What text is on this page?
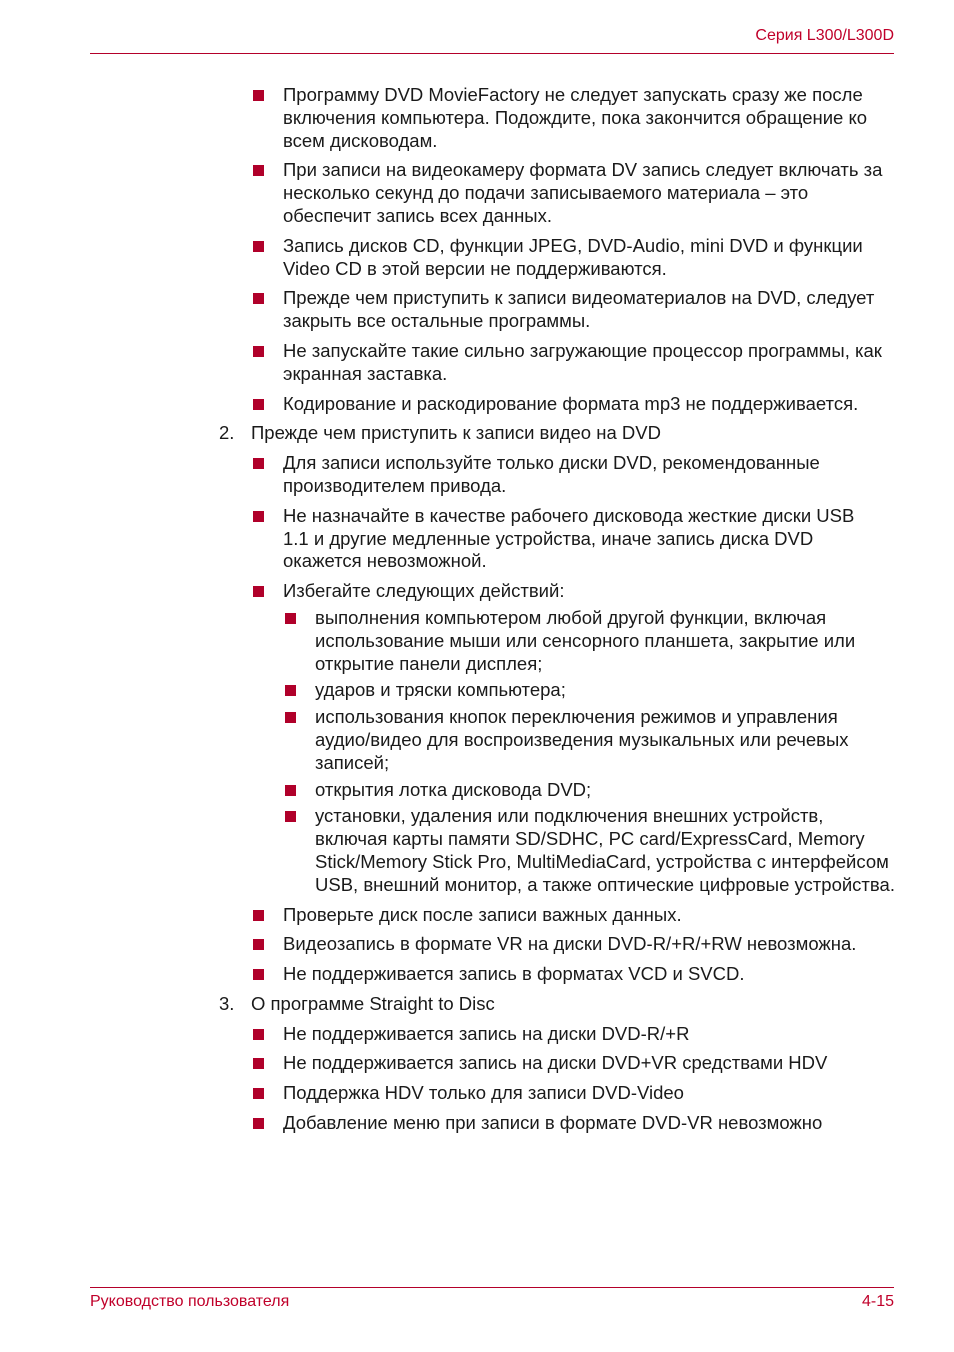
Серия L300/L300D
Программу DVD MovieFactory не следует запускать сразу же после включения компьютера. Подождите, пока закончится обращение ко всем дисководам.
При записи на видеокамеру формата DV запись следует включать за несколько секунд до подачи записываемого материала – это обеспечит запись всех данных.
Запись дисков CD, функции JPEG, DVD-Audio, mini DVD и функции Video CD в этой версии не поддерживаются.
Прежде чем приступить к записи видеоматериалов на DVD, следует закрыть все остальные программы.
Не запускайте такие сильно загружающие процессор программы, как экранная заставка.
Кодирование и раскодирование формата mp3 не поддерживается.
2. Прежде чем приступить к записи видео на DVD
Для записи используйте только диски DVD, рекомендованные производителем привода.
Не назначайте в качестве рабочего дисковода жесткие диски USB 1.1 и другие медленные устройства, иначе запись диска DVD окажется невозможной.
Избегайте следующих действий:
выполнения компьютером любой другой функции, включая использование мыши или сенсорного планшета, закрытие или открытие панели дисплея;
ударов и тряски компьютера;
использования кнопок переключения режимов и управления аудио/видео для воспроизведения музыкальных или речевых записей;
открытия лотка дисковода DVD;
установки, удаления или подключения внешних устройств, включая карты памяти SD/SDHC, PC card/ExpressCard, Memory Stick/Memory Stick Pro, MultiMediaCard, устройства с интерфейсом USB, внешний монитор, а также оптические цифровые устройства.
Проверьте диск после записи важных данных.
Видеозапись в формате VR на диски DVD-R/+R/+RW невозможна.
Не поддерживается запись в форматах VCD и SVCD.
3. О программе Straight to Disc
Не поддерживается запись на диски DVD-R/+R
Не поддерживается запись на диски DVD+VR средствами HDV
Поддержка HDV только для записи DVD-Video
Добавление меню при записи в формате DVD-VR невозможно
Руководство пользователя	4-15
